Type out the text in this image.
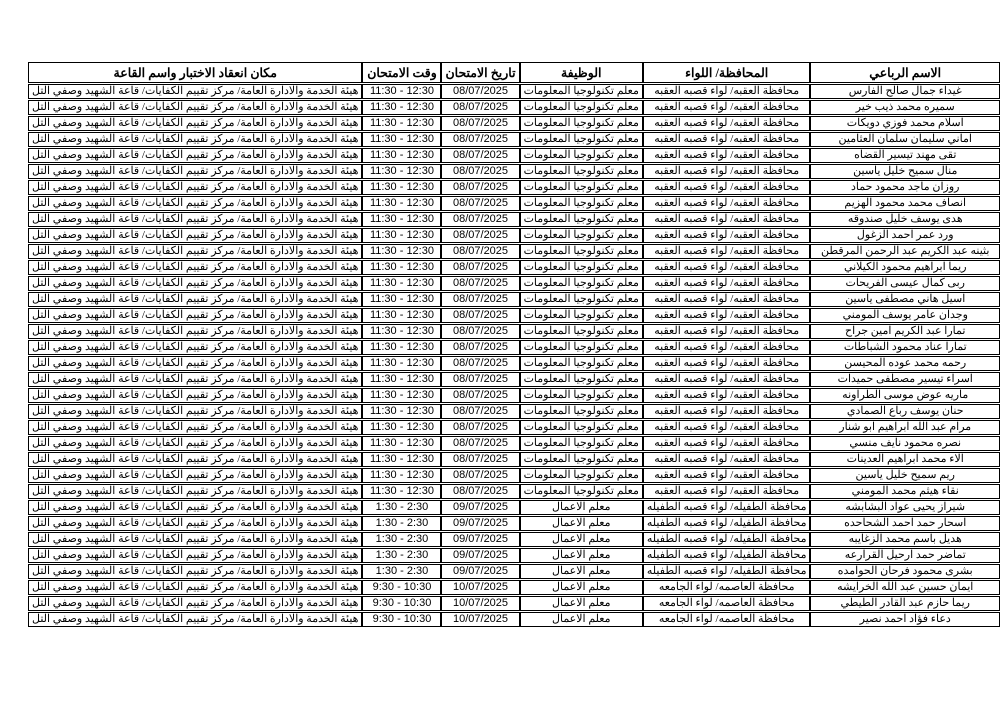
الاسم الرباعي	المحافظة/ اللواء	الوظيفة	تاريخ الامتحان	وقت الامتحان	مكان انعقاد الاختبار واسم القاعة
غيداء جمال صالح الفارس	محافظة العقبه/ لواء قصبه العقبه	معلم تكنولوجيا المعلومات	08/07/2025	11:30 - 12:30	هيئة الخدمة والادارة العامة/ مركز تقييم الكفايات/ قاعة الشهيد وصفي التل
سميره محمد ذيب خير	محافظة العقبه/ لواء قصبه العقبه	معلم تكنولوجيا المعلومات	08/07/2025	11:30 - 12:30	هيئة الخدمة والادارة العامة/ مركز تقييم الكفايات/ قاعة الشهيد وصفي التل
اسلام محمد فوزي دويكات	محافظة العقبه/ لواء قصبه العقبه	معلم تكنولوجيا المعلومات	08/07/2025	11:30 - 12:30	هيئة الخدمة والادارة العامة/ مركز تقييم الكفايات/ قاعة الشهيد وصفي التل
اماني سليمان سلمان العثامين	محافظة العقبه/ لواء قصبه العقبه	معلم تكنولوجيا المعلومات	08/07/2025	11:30 - 12:30	هيئة الخدمة والادارة العامة/ مركز تقييم الكفايات/ قاعة الشهيد وصفي التل
تقى مهند تيسير القضاه	محافظة العقبه/ لواء قصبه العقبه	معلم تكنولوجيا المعلومات	08/07/2025	11:30 - 12:30	هيئة الخدمة والادارة العامة/ مركز تقييم الكفايات/ قاعة الشهيد وصفي التل
منال سميح خليل ياسين	محافظة العقبه/ لواء قصبه العقبه	معلم تكنولوجيا المعلومات	08/07/2025	11:30 - 12:30	هيئة الخدمة والادارة العامة/ مركز تقييم الكفايات/ قاعة الشهيد وصفي التل
روزان ماجد محمود حماد	محافظة العقبه/ لواء قصبه العقبه	معلم تكنولوجيا المعلومات	08/07/2025	11:30 - 12:30	هيئة الخدمة والادارة العامة/ مركز تقييم الكفايات/ قاعة الشهيد وصفي التل
انصاف محمد محمود الهزيم	محافظة العقبه/ لواء قصبه العقبه	معلم تكنولوجيا المعلومات	08/07/2025	11:30 - 12:30	هيئة الخدمة والادارة العامة/ مركز تقييم الكفايات/ قاعة الشهيد وصفي التل
هدى يوسف خليل صندوقه	محافظة العقبه/ لواء قصبه العقبه	معلم تكنولوجيا المعلومات	08/07/2025	11:30 - 12:30	هيئة الخدمة والادارة العامة/ مركز تقييم الكفايات/ قاعة الشهيد وصفي التل
ورد عمر احمد الزغول	محافظة العقبه/ لواء قصبه العقبه	معلم تكنولوجيا المعلومات	08/07/2025	11:30 - 12:30	هيئة الخدمة والادارة العامة/ مركز تقييم الكفايات/ قاعة الشهيد وصفي التل
بثينه عبد الكريم عبد الرحمن المرقطن	محافظة العقبه/ لواء قصبه العقبه	معلم تكنولوجيا المعلومات	08/07/2025	11:30 - 12:30	هيئة الخدمة والادارة العامة/ مركز تقييم الكفايات/ قاعة الشهيد وصفي التل
ريما ابراهيم محمود الكيلاني	محافظة العقبه/ لواء قصبه العقبه	معلم تكنولوجيا المعلومات	08/07/2025	11:30 - 12:30	هيئة الخدمة والادارة العامة/ مركز تقييم الكفايات/ قاعة الشهيد وصفي التل
ربى كمال عيسى الفريحات	محافظة العقبه/ لواء قصبه العقبه	معلم تكنولوجيا المعلومات	08/07/2025	11:30 - 12:30	هيئة الخدمة والادارة العامة/ مركز تقييم الكفايات/ قاعة الشهيد وصفي التل
اسيل هاني مصطفى ياسين	محافظة العقبه/ لواء قصبه العقبه	معلم تكنولوجيا المعلومات	08/07/2025	11:30 - 12:30	هيئة الخدمة والادارة العامة/ مركز تقييم الكفايات/ قاعة الشهيد وصفي التل
وجدان عامر يوسف المومني	محافظة العقبه/ لواء قصبه العقبه	معلم تكنولوجيا المعلومات	08/07/2025	11:30 - 12:30	هيئة الخدمة والادارة العامة/ مركز تقييم الكفايات/ قاعة الشهيد وصفي التل
تمارا عبد الكريم امين جراح	محافظة العقبه/ لواء قصبه العقبه	معلم تكنولوجيا المعلومات	08/07/2025	11:30 - 12:30	هيئة الخدمة والادارة العامة/ مركز تقييم الكفايات/ قاعة الشهيد وصفي التل
تمارا عناد محمود الشباطات	محافظة العقبه/ لواء قصبه العقبه	معلم تكنولوجيا المعلومات	08/07/2025	11:30 - 12:30	هيئة الخدمة والادارة العامة/ مركز تقييم الكفايات/ قاعة الشهيد وصفي التل
رحمه محمد عوده المحيسن	محافظة العقبه/ لواء قصبه العقبه	معلم تكنولوجيا المعلومات	08/07/2025	11:30 - 12:30	هيئة الخدمة والادارة العامة/ مركز تقييم الكفايات/ قاعة الشهيد وصفي التل
اسراء تيسير مصطفى حميدات	محافظة العقبه/ لواء قصبه العقبه	معلم تكنولوجيا المعلومات	08/07/2025	11:30 - 12:30	هيئة الخدمة والادارة العامة/ مركز تقييم الكفايات/ قاعة الشهيد وصفي التل
ماريه عوض موسى الطراونه	محافظة العقبه/ لواء قصبه العقبه	معلم تكنولوجيا المعلومات	08/07/2025	11:30 - 12:30	هيئة الخدمة والادارة العامة/ مركز تقييم الكفايات/ قاعة الشهيد وصفي التل
حنان يوسف رباع الصمادي	محافظة العقبه/ لواء قصبه العقبه	معلم تكنولوجيا المعلومات	08/07/2025	11:30 - 12:30	هيئة الخدمة والادارة العامة/ مركز تقييم الكفايات/ قاعة الشهيد وصفي التل
مرام عبد الله ابراهيم ابو شنار	محافظة العقبه/ لواء قصبه العقبه	معلم تكنولوجيا المعلومات	08/07/2025	11:30 - 12:30	هيئة الخدمة والادارة العامة/ مركز تقييم الكفايات/ قاعة الشهيد وصفي التل
نصره محمود نايف منسي	محافظة العقبه/ لواء قصبه العقبه	معلم تكنولوجيا المعلومات	08/07/2025	11:30 - 12:30	هيئة الخدمة والادارة العامة/ مركز تقييم الكفايات/ قاعة الشهيد وصفي التل
الاء محمد ابراهيم العدينات	محافظة العقبه/ لواء قصبه العقبه	معلم تكنولوجيا المعلومات	08/07/2025	11:30 - 12:30	هيئة الخدمة والادارة العامة/ مركز تقييم الكفايات/ قاعة الشهيد وصفي التل
ريم سميح خليل ياسين	محافظة العقبه/ لواء قصبه العقبه	معلم تكنولوجيا المعلومات	08/07/2025	11:30 - 12:30	هيئة الخدمة والادارة العامة/ مركز تقييم الكفايات/ قاعة الشهيد وصفي التل
نقاء هيثم محمد المومني	محافظة العقبه/ لواء قصبه العقبه	معلم تكنولوجيا المعلومات	08/07/2025	11:30 - 12:30	هيئة الخدمة والادارة العامة/ مركز تقييم الكفايات/ قاعة الشهيد وصفي التل
شيراز يحيى عواد البشابشه	محافظة الطفيله/ لواء قصبه الطفيله	معلم الاعمال	09/07/2025	1:30 - 2:30	هيئة الخدمة والادارة العامة/ مركز تقييم الكفايات/ قاعة الشهيد وصفي التل
اسحار حمد احمد الشحاحده	محافظة الطفيله/ لواء قصبه الطفيله	معلم الاعمال	09/07/2025	1:30 - 2:30	هيئة الخدمة والادارة العامة/ مركز تقييم الكفايات/ قاعة الشهيد وصفي التل
هديل باسم محمد الزغايبه	محافظة الطفيله/ لواء قصبه الطفيله	معلم الاعمال	09/07/2025	1:30 - 2:30	هيئة الخدمة والادارة العامة/ مركز تقييم الكفايات/ قاعة الشهيد وصفي التل
تماضر حمد ارحيل القرارعه	محافظة الطفيله/ لواء قصبه الطفيله	معلم الاعمال	09/07/2025	1:30 - 2:30	هيئة الخدمة والادارة العامة/ مركز تقييم الكفايات/ قاعة الشهيد وصفي التل
بشرى محمود فرحان الحوامده	محافظة الطفيله/ لواء قصبه الطفيله	معلم الاعمال	09/07/2025	1:30 - 2:30	هيئة الخدمة والادارة العامة/ مركز تقييم الكفايات/ قاعة الشهيد وصفي التل
ايمان حسين عبد الله الخرايشه	محافظة العاصمه/ لواء الجامعه	معلم الاعمال	10/07/2025	9:30 - 10:30	هيئة الخدمة والادارة العامة/ مركز تقييم الكفايات/ قاعة الشهيد وصفي التل
ريما حازم عبد القادر الطيطي	محافظة العاصمه/ لواء الجامعه	معلم الاعمال	10/07/2025	9:30 - 10:30	هيئة الخدمة والادارة العامة/ مركز تقييم الكفايات/ قاعة الشهيد وصفي التل
دعاء فؤاد احمد نصير	محافظة العاصمه/ لواء الجامعه	معلم الاعمال	10/07/2025	9:30 - 10:30	هيئة الخدمة والادارة العامة/ مركز تقييم الكفايات/ قاعة الشهيد وصفي التل
